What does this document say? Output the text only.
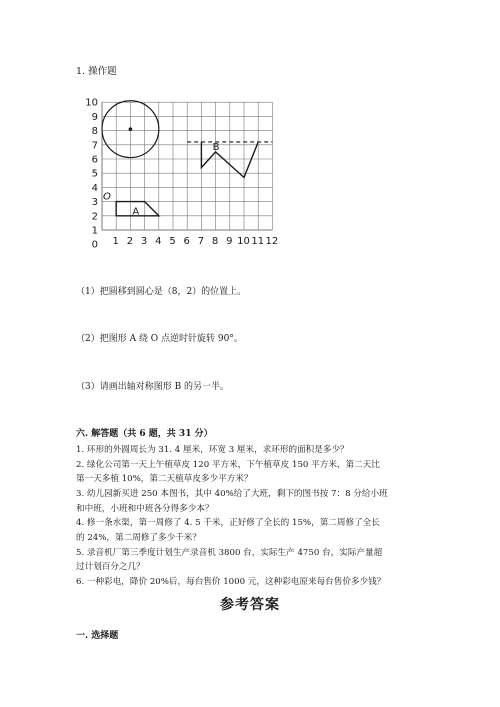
1. 操作题
10
9
8
7
6
5
4
3
2
1
0 1 2 3 4 5 6 7 8 9 10 11 12
O
A
B
（1）把圆移到圆心是（8，2）的位置上。
（2）把图形 A 绕 O 点逆时针旋转 90°。
（3）请画出轴对称图形 B 的另一半。
六. 解答题（共 6 题，共 31 分）
1. 环形的外圆周长为 31. 4 厘米，环宽 3 厘米，求环形的面积是多少？
2. 绿化公司第一天上午植草皮 120 平方米，下午植草皮 150 平方米，第二天比
第一天多植 10%，第二天植草皮多少平方米？
3. 幼儿园新买进 250 本图书，其中 40%给了大班，剩下的图书按 7：8 分给小班
和中班，小班和中班各分得多少本？
4. 修一条水渠，第一周修了 4. 5 千米，正好修了全长的 15%，第二周修了全长
的 24%，第二周修了多少千米？
5. 录音机厂第三季度计划生产录音机 3800 台，实际生产 4750 台，实际产量超
过计划百分之几？
6. 一种彩电，降价 20%后，每台售价 1000 元，这种彩电原来每台售价多少钱？
参考答案
一. 选择题
